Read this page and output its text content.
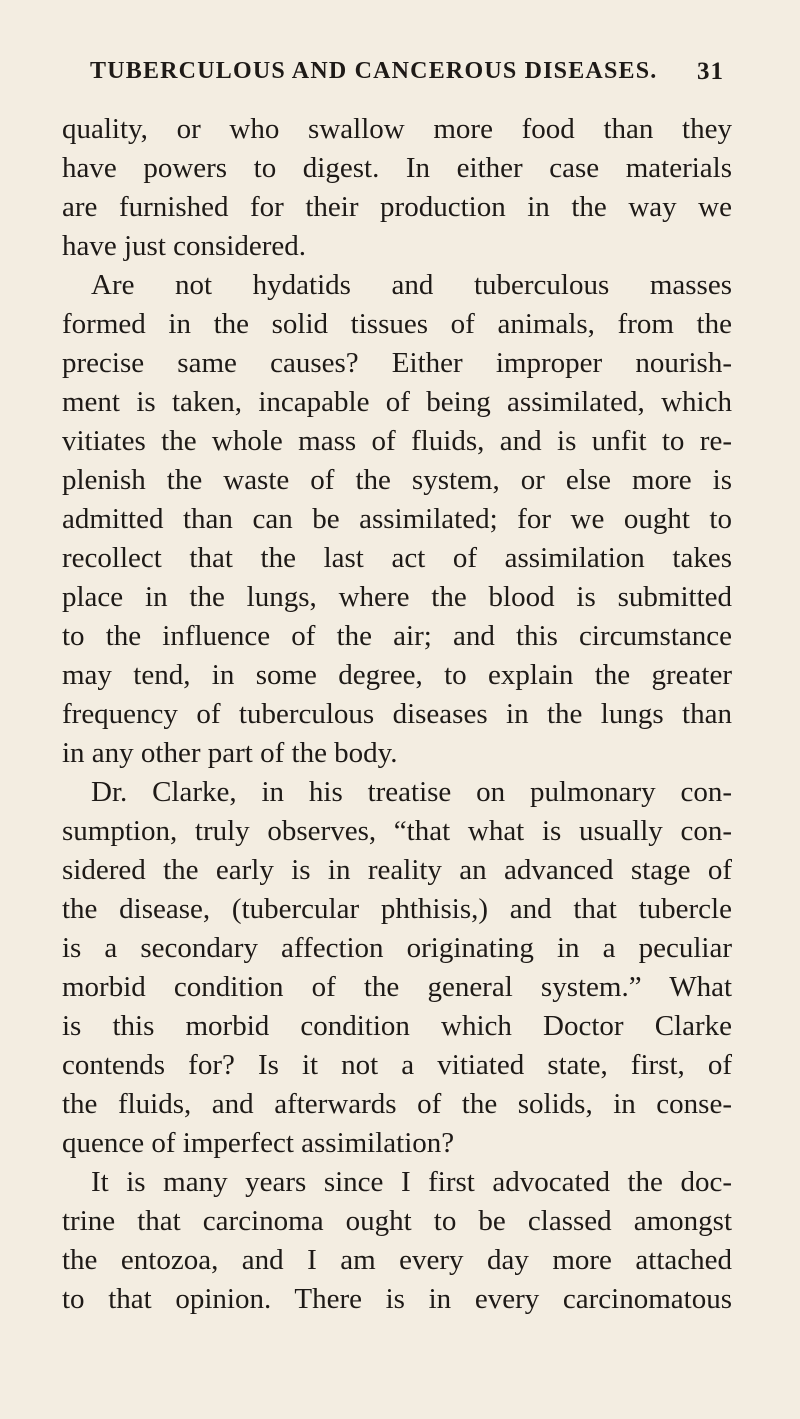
TUBERCULOUS AND CANCEROUS DISEASES. 31
quality, or who swallow more food than they
have powers to digest. In either case materials
are furnished for their production in the way we
have just considered.
Are not hydatids and tuberculous masses
formed in the solid tissues of animals, from the
precise same causes? Either improper nourish-
ment is taken, incapable of being assimilated, which
vitiates the whole mass of fluids, and is unfit to re-
plenish the waste of the system, or else more is
admitted than can be assimilated; for we ought to
recollect that the last act of assimilation takes
place in the lungs, where the blood is submitted
to the influence of the air; and this circumstance
may tend, in some degree, to explain the greater
frequency of tuberculous diseases in the lungs than
in any other part of the body.
Dr. Clarke, in his treatise on pulmonary con-
sumption, truly observes, “that what is usually con-
sidered the early is in reality an advanced stage of
the disease, (tubercular phthisis,) and that tubercle
is a secondary affection originating in a peculiar
morbid condition of the general system.” What
is this morbid condition which Doctor Clarke
contends for? Is it not a vitiated state, first, of
the fluids, and afterwards of the solids, in conse-
quence of imperfect assimilation?
It is many years since I first advocated the doc-
trine that carcinoma ought to be classed amongst
the entozoa, and I am every day more attached
to that opinion. There is in every carcinomatous
